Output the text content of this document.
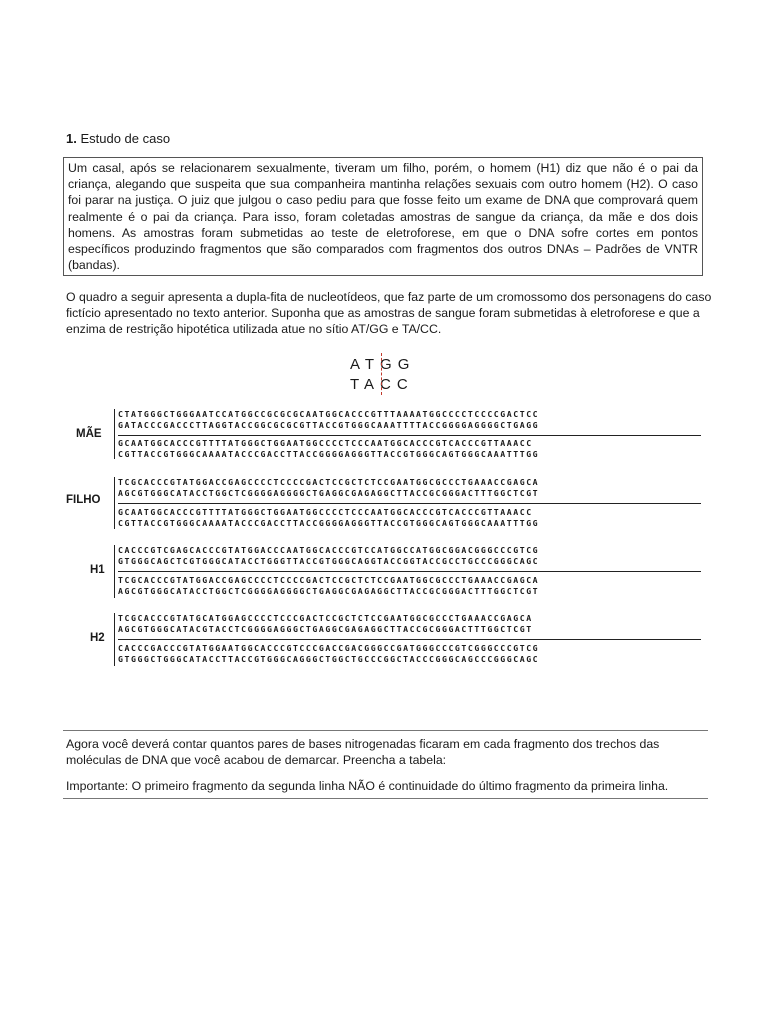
1. Estudo de caso
Um casal, após se relacionarem sexualmente, tiveram um filho, porém, o homem (H1) diz que não é o pai da criança, alegando que suspeita que sua companheira mantinha relações sexuais com outro homem (H2). O caso foi parar na justiça. O juiz que julgou o caso pediu para que fosse feito um exame de DNA que comprovará quem realmente é o pai da criança. Para isso, foram coletadas amostras de sangue da criança, da mãe e dos dois homens. As amostras foram submetidas ao teste de eletroforese, em que o DNA sofre cortes em pontos específicos produzindo fragmentos que são comparados com fragmentos dos outros DNAs – Padrões de VNTR (bandas).
O quadro a seguir apresenta a dupla-fita de nucleotídeos, que faz parte de um cromossomo dos personagens do caso fictício apresentado no texto anterior. Suponha que as amostras de sangue foram submetidas à eletroforese e que a enzima de restrição hipotética utilizada atue no sítio AT/GG e TA/CC.
ATGG
TACC
MÃE
CTATGGGCTGGGAATCCATGGCCGCGCGCAATGGCACCCGTTTAAAATGGCCCCTCCCCGACTCC
GATACCCGACCCTTAGGTACCGGCGCGCGTTACCGTGGGCAAATTTTACCGGGGAGGGGCTGAGG
GCAATGGCACCCGTTTTATGGGCTGGAATGGCCCCTCCCAATGGCACCCGTCACCCGTTAAACC
CGTTACCGTGGGCAAAATACCCGACCTTACCGGGGAGGGTTACCGTGGGCAGTGGGCAAATTTGG
FILHO
TCGCACCCGTATGGACCGAGCCCCTCCCCGACTCCGCTCTCCGAATGGCGCCCTGAAACCGAGCA
AGCGTGGGCATACCTGGCTCGGGGAGGGGCTGAGGCGAGAGGCTTACCGCGGGACTTTGGCTCGT
GCAATGGCACCCGTTTTATGGGCTGGAATGGCCCCTCCCAATGGCACCCGTCACCCGTTAAACC
CGTTACCGTGGGCAAAATACCCGACCTTACCGGGGAGGGTTACCGTGGGCAGTGGGCAAATTTGG
H1
CACCCGTCGAGCACCCGTATGGACCCAATGGCACCCGTCCATGGCCATGGCGGACGGGCCCGTCG
GTGGGCAGCTCGTGGGCATACCTGGGTTACCGTGGGCAGGTACCGGTACCGCCTGCCCGGGCAGC
TCGCACCCGTATGGACCGAGCCCCTCCCCGACTCCGCTCTCCGAATGGCGCCCTGAAACCGAGCA
AGCGTGGGCATACCTGGCTCGGGGAGGGGCTGAGGCGAGAGGCTTACCGCGGGACTTTGGCTCGT
H2
TCGCACCCGTATGCATGGAGCCCCTCCCGACTCCGCTCTCCGAATGGCGCCCTGAAACCGAGCA
AGCGTGGGCATACGTACCTCGGGGAGGGCTGAGGCGAGAGGCTTACCGCGGGACTTTGGCTCGT
CACCCGACCCGTATGGAATGGCACCCGTCCCGACCGACGGGCCGATGGGCCCGTCGGGCCCGTCG
GTGGGCTGGGCATACCTTACCGTGGGCAGGGCTGGCTGCCCGGCTACCCGGGCAGCCCGGGCAGC
Agora você deverá contar quantos pares de bases nitrogenadas ficaram em cada fragmento dos trechos das moléculas de DNA que você acabou de demarcar. Preencha a tabela:
Importante: O primeiro fragmento da segunda linha NÃO é continuidade do último fragmento da primeira linha.
